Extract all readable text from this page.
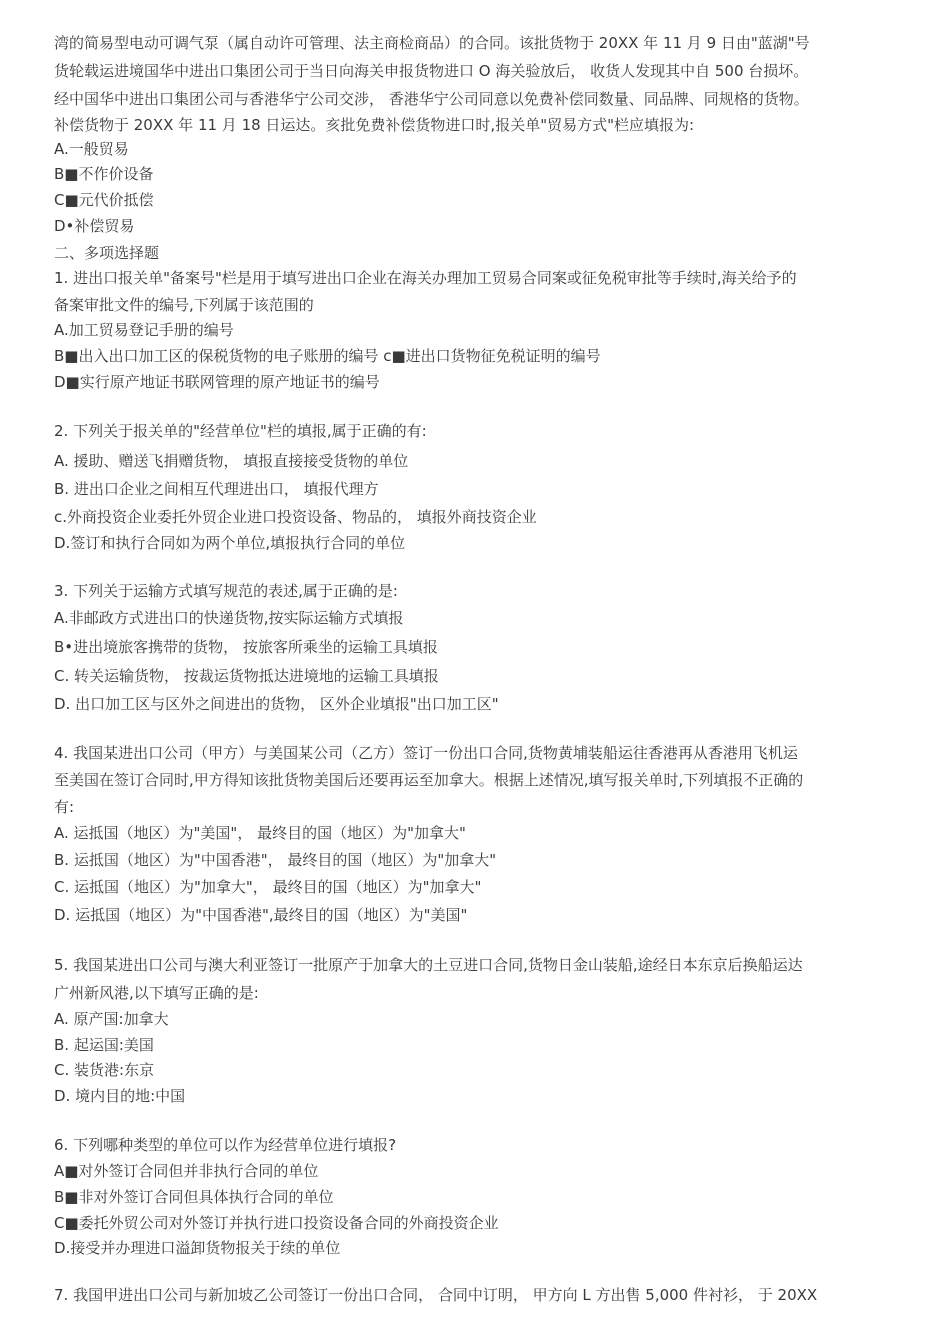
湾的简易型电动可调气泵（属自动许可管理、法主商检商品）的合同。该批货物于 20XX 年 11 月 9 日由"蓝湖"号
货轮载运进境国华中进出口集团公司于当日向海关申报货物进口 O 海关验放后， 收货人发现其中自 500 台损坏。
经中国华中进出口集团公司与香港华宁公司交涉， 香港华宁公司同意以免费补偿同数量、同品牌、同规格的货物。
补偿货物于 20XX 年 11 月 18 日运达。亥批免费补偿货物进口时,报关单"贸易方式"栏应填报为:
A.一般贸易
B■不作价设备
C■元代价抵偿
D•补偿贸易
二、多项选择题
1. 进出口报关单"备案号"栏是用于填写进出口企业在海关办理加工贸易合同案或征免税审批等手续时,海关给予的
备案审批文件的编号,下列属于该范围的
A.加工贸易登记手册的编号
B■出入出口加工区的保税货物的电子账册的编号 c■进出口货物征免税证明的编号
D■实行原产地证书联网管理的原产地证书的编号
2. 下列关于报关单的"经营单位"栏的填报,属于正确的有:
A. 援助、赠送飞捐赠货物， 填报直接接受货物的单位
B. 进出口企业之间相互代理进出口， 填报代理方
c.外商投资企业委托外贸企业进口投资设备、物品的， 填报外商技资企业
D.签订和执行合同如为两个单位,填报执行合同的单位
3. 下列关于运输方式填写规范的表述,属于正确的是:
A.非邮政方式进出口的快递货物,按实际运输方式填报
B•进出境旅客携带的货物， 按旅客所乘坐的运输工具填报
C. 转关运输货物， 按裁运货物抵达进境地的运输工具填报
D. 出口加工区与区外之间进出的货物， 区外企业填报"出口加工区"
4. 我国某进出口公司（甲方）与美国某公司（乙方）签订一份出口合同,货物黄埔装船运往香港再从香港用飞机运
至美国在签订合同时,甲方得知该批货物美国后还要再运至加拿大。根据上述情况,填写报关单时,下列填报不正确的
有:
A. 运抵国（地区）为"美国"， 最终目的国（地区）为"加拿大"
B. 运抵国（地区）为"中国香港"， 最终目的国（地区）为"加拿大"
C. 运抵国（地区）为"加拿大"， 最终目的国（地区）为"加拿大"
D. 运抵国（地区）为"中国香港",最终目的国（地区）为"美国"
5. 我国某进出口公司与澳大利亚签订一批原产于加拿大的土豆进口合同,货物日金山装船,途经日本东京后换船运达
广州新风港,以下填写正确的是:
A. 原产国:加拿大
B. 起运国:美国
C. 装货港:东京
D. 境内目的地:中国
6. 下列哪种类型的单位可以作为经营单位进行填报?
A■对外签订合同但并非执行合同的单位
B■非对外签订合同但具体执行合同的单位
C■委托外贸公司对外签订并执行进口投资设备合同的外商投资企业
D.接受并办理进口溢卸货物报关于续的单位
7. 我国甲进出口公司与新加坡乙公司签订一份出口合同， 合同中订明， 甲方向 L 方出售 5,000 件衬衫， 于 20XX
